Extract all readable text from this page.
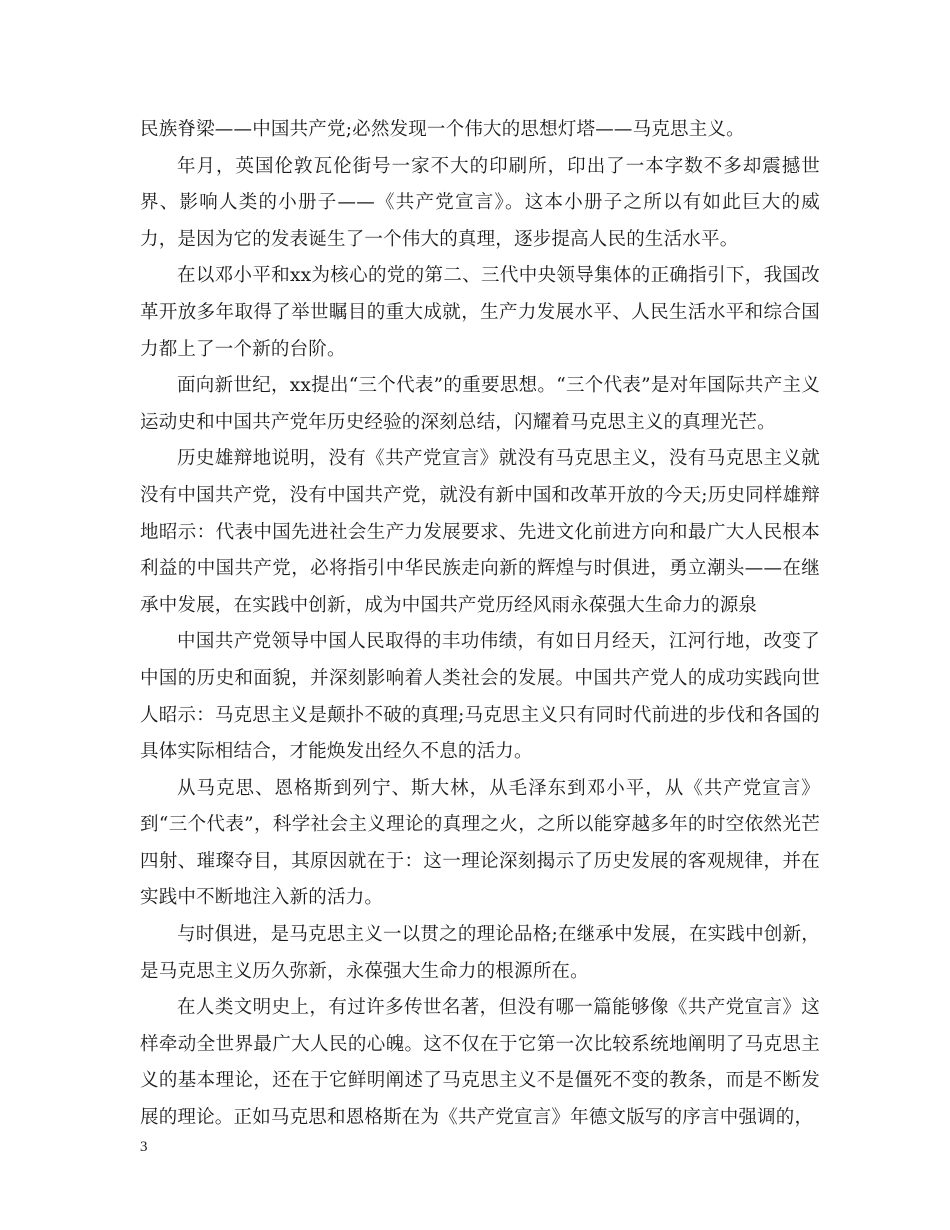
民族脊梁——中国共产党;必然发现一个伟大的思想灯塔——马克思主义。

年月，英国伦敦瓦伦街号一家不大的印刷所，印出了一本字数不多却震撼世界、影响人类的小册子——《共产党宣言》。这本小册子之所以有如此巨大的威力，是因为它的发表诞生了一个伟大的真理，逐步提高人民的生活水平。

在以邓小平和xx为核心的党的第二、三代中央领导集体的正确指引下，我国改革开放多年取得了举世瞩目的重大成就，生产力发展水平、人民生活水平和综合国力都上了一个新的台阶。

面向新世纪，xx提出“三个代表”的重要思想。“三个代表”是对年国际共产主义运动史和中国共产党年历史经验的深刻总结，闪耀着马克思主义的真理光芒。

历史雄辩地说明，没有《共产党宣言》就没有马克思主义，没有马克思主义就没有中国共产党，没有中国共产党，就没有新中国和改革开放的今天;历史同样雄辩地昭示：代表中国先进社会生产力发展要求、先进文化前进方向和最广大人民根本利益的中国共产党，必将指引中华民族走向新的辉煌与时俱进，勇立潮头——在继承中发展，在实践中创新，成为中国共产党历经风雨永葆强大生命力的源泉

中国共产党领导中国人民取得的丰功伟绩，有如日月经天，江河行地，改变了中国的历史和面貌，并深刻影响着人类社会的发展。中国共产党人的成功实践向世人昭示：马克思主义是颠扑不破的真理;马克思主义只有同时代前进的步伐和各国的具体实际相结合，才能焕发出经久不息的活力。

从马克思、恩格斯到列宁、斯大林，从毛泽东到邓小平，从《共产党宣言》到“三个代表”，科学社会主义理论的真理之火，之所以能穿越多年的时空依然光芒四射、璀璨夺目，其原因就在于：这一理论深刻揭示了历史发展的客观规律，并在实践中不断地注入新的活力。

与时俱进，是马克思主义一以贯之的理论品格;在继承中发展，在实践中创新，是马克思主义历久弥新，永葆强大生命力的根源所在。

在人类文明史上，有过许多传世名著，但没有哪一篇能够像《共产党宣言》这样牵动全世界最广大人民的心魄。这不仅在于它第一次比较系统地阐明了马克思主义的基本理论，还在于它鲜明阐述了马克思主义不是僵死不变的教条，而是不断发展的理论。正如马克思和恩格斯在为《共产党宣言》年德文版写的序言中强调的，

3
